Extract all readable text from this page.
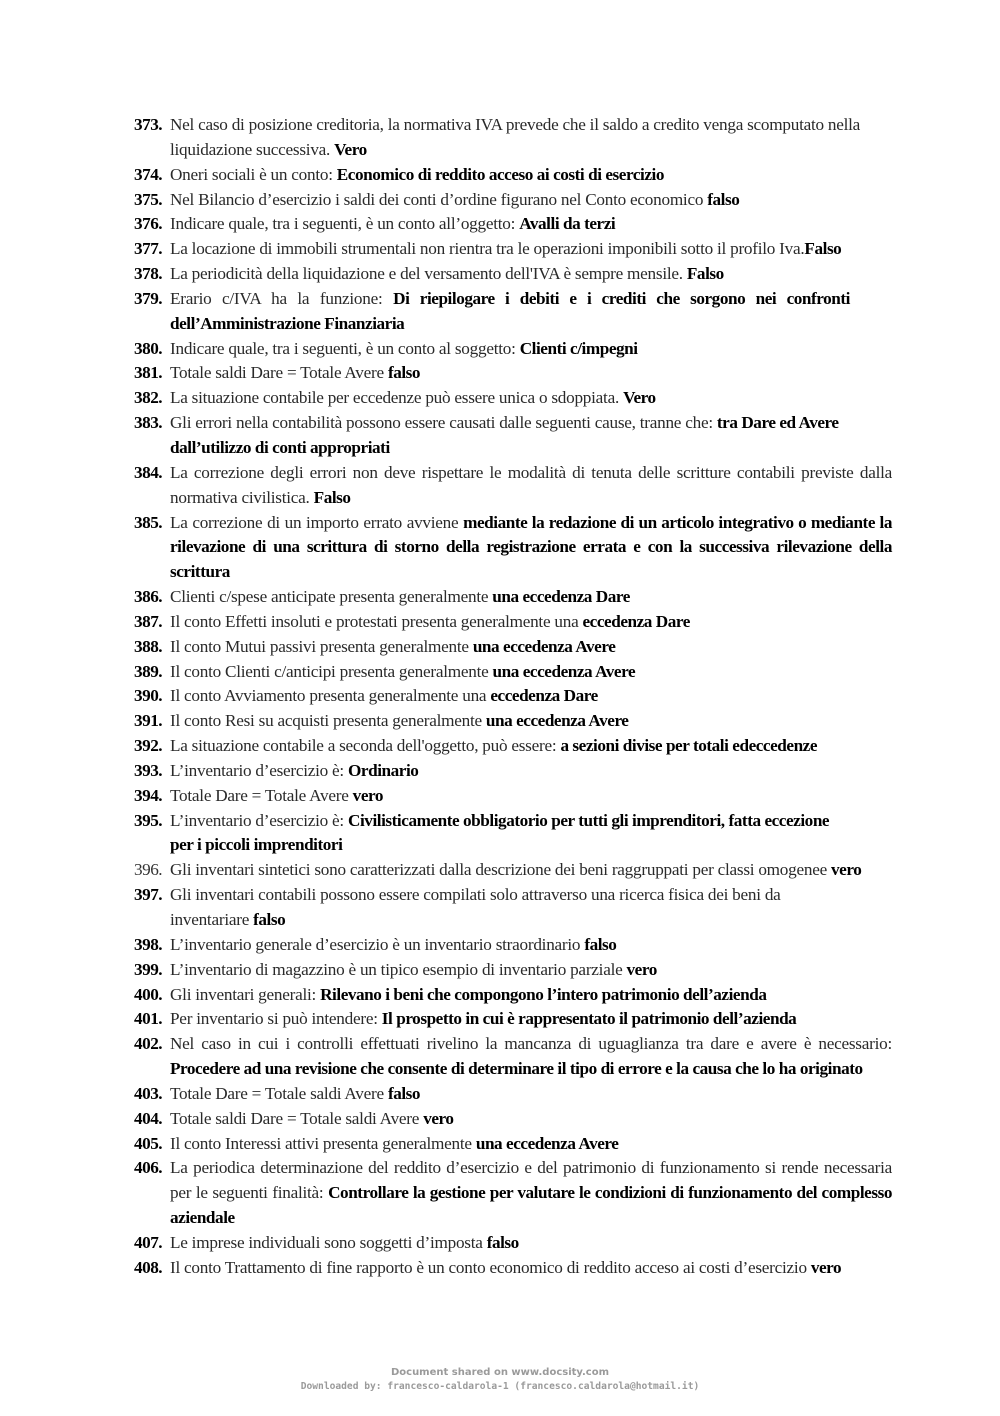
373. Nel caso di posizione creditoria, la normativa IVA prevede che il saldo a credito venga scomputato nella liquidazione successiva. Vero
374. Oneri sociali è un conto: Economico di reddito acceso ai costi di esercizio
375. Nel Bilancio d’esercizio i saldi dei conti d’ordine figurano nel Conto economico falso
376. Indicare quale, tra i seguenti, è un conto all’oggetto: Avalli da terzi
377. La locazione di immobili strumentali non rientra tra le operazioni imponibili sotto il profilo Iva.Falso
378. La periodicità della liquidazione e del versamento dell'IVA è sempre mensile. Falso
379. Erario c/IVA ha la funzione: Di riepilogare i debiti e i crediti che sorgono nei confronti dell’Amministrazione Finanziaria
380. Indicare quale, tra i seguenti, è un conto al soggetto: Clienti c/impegni
381. Totale saldi Dare = Totale Avere falso
382. La situazione contabile per eccedenze può essere unica o sdoppiata. Vero
383. Gli errori nella contabilità possono essere causati dalle seguenti cause, tranne che: tra Dare ed Avere dall’utilizzo di conti appropriati
384. La correzione degli errori non deve rispettare le modalità di tenuta delle scritture contabili previste dalla normativa civilistica. Falso
385. La correzione di un importo errato avviene mediante la redazione di un articolo integrativo o mediante la rilevazione di una scrittura di storno della registrazione errata e con la successiva rilevazione della scrittura
386. Clienti c/spese anticipate presenta generalmente una eccedenza Dare
387. Il conto Effetti insoluti e protestati presenta generalmente una eccedenza Dare
388. Il conto Mutui passivi presenta generalmente una eccedenza Avere
389. Il conto Clienti c/anticipi presenta generalmente una eccedenza Avere
390. Il conto Avviamento presenta generalmente una eccedenza Dare
391. Il conto Resi su acquisti presenta generalmente una eccedenza Avere
392. La situazione contabile a seconda dell'oggetto, può essere: a sezioni divise per totali edeccedenze
393. L’inventario d’esercizio è: Ordinario
394. Totale Dare = Totale Avere vero
395. L’inventario d’esercizio è: Civilisticamente obbligatorio per tutti gli imprenditori, fatta eccezione per i piccoli imprenditori
396. Gli inventari sintetici sono caratterizzati dalla descrizione dei beni raggruppati per classi omogenee vero
397. Gli inventari contabili possono essere compilati solo attraverso una ricerca fisica dei beni da inventariare falso
398. L’inventario generale d’esercizio è un inventario straordinario falso
399. L’inventario di magazzino è un tipico esempio di inventario parziale vero
400. Gli inventari generali: Rilevano i beni che compongono l’intero patrimonio dell’azienda
401. Per inventario si può intendere: Il prospetto in cui è rappresentato il patrimonio dell’azienda
402. Nel caso in cui i controlli effettuati rivelino la mancanza di uguaglianza tra dare e avere è necessario: Procedere ad una revisione che consente di determinare il tipo di errore e la causa che lo ha originato
403. Totale Dare = Totale saldi Avere falso
404. Totale saldi Dare = Totale saldi Avere vero
405. Il conto Interessi attivi presenta generalmente una eccedenza Avere
406. La periodica determinazione del reddito d’esercizio e del patrimonio di funzionamento si rende necessaria per le seguenti finalità: Controllare la gestione per valutare le condizioni di funzionamento del complesso aziendale
407. Le imprese individuali sono soggetti d’imposta falso
408. Il conto Trattamento di fine rapporto è un conto economico di reddito acceso ai costi d’esercizio vero
Document shared on www.docsity.com
Downloaded by: francesco-caldarola-1 (francesco.caldarola@hotmail.it)
